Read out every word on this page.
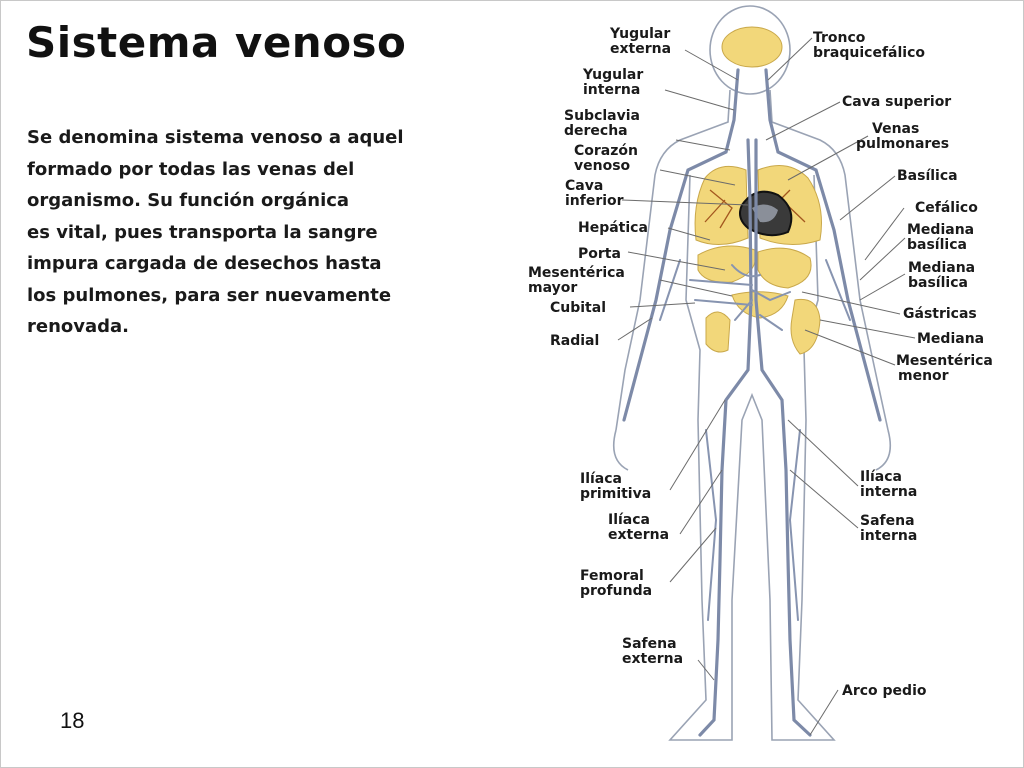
Sistema venoso

Se denomina sistema venoso a aquel
formado por todas las venas del
organismo. Su función orgánica
es vital, pues transporta la sangre
impura cargada de desechos hasta
los pulmones, para ser nuevamente
renovada.

18
Yugular externa
Yugular interna
Subclavia derecha
Corazón venoso
Cava inferior
Hepática
Porta
Mesentérica mayor
Cubital
Radial
Ilíaca primitiva
Ilíaca externa
Femoral profunda
Safena externa
Tronco braquicefálico
Cava superior
Venas pulmonares
Basílica
Cefálico
Mediana basílica
Mediana basílica
Gástricas
Mediana
Mesentérica menor
Ilíaca interna
Safena interna
Arco pedio
